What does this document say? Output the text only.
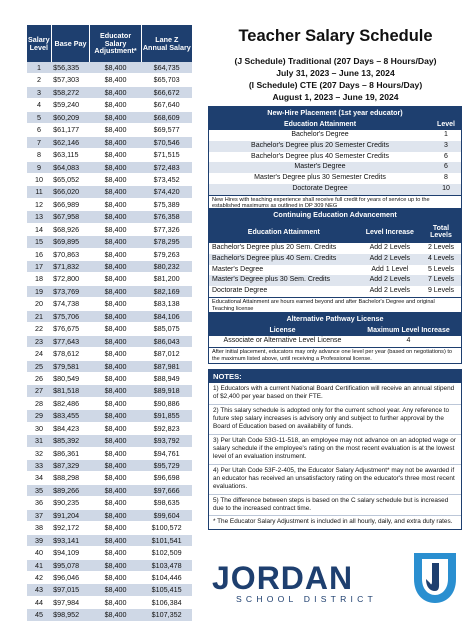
Salary Level	Base Pay	Educator Salary Adjustment*	Lane Z Annual Salary
1	$56,335	$8,400	$64,735
2	$57,303	$8,400	$65,703
3	$58,272	$8,400	$66,672
4	$59,240	$8,400	$67,640
5	$60,209	$8,400	$68,609
6	$61,177	$8,400	$69,577
7	$62,146	$8,400	$70,546
8	$63,115	$8,400	$71,515
9	$64,083	$8,400	$72,483
10	$65,052	$8,400	$73,452
11	$66,020	$8,400	$74,420
12	$66,989	$8,400	$75,389
13	$67,958	$8,400	$76,358
14	$68,926	$8,400	$77,326
15	$69,895	$8,400	$78,295
16	$70,863	$8,400	$79,263
17	$71,832	$8,400	$80,232
18	$72,800	$8,400	$81,200
19	$73,769	$8,400	$82,169
20	$74,738	$8,400	$83,138
21	$75,706	$8,400	$84,106
22	$76,675	$8,400	$85,075
23	$77,643	$8,400	$86,043
24	$78,612	$8,400	$87,012
25	$79,581	$8,400	$87,981
26	$80,549	$8,400	$88,949
27	$81,518	$8,400	$89,918
28	$82,486	$8,400	$90,886
29	$83,455	$8,400	$91,855
30	$84,423	$8,400	$92,823
31	$85,392	$8,400	$93,792
32	$86,361	$8,400	$94,761
33	$87,329	$8,400	$95,729
34	$88,298	$8,400	$96,698
35	$89,266	$8,400	$97,666
36	$90,235	$8,400	$98,635
37	$91,204	$8,400	$99,604
38	$92,172	$8,400	$100,572
39	$93,141	$8,400	$101,541
40	$94,109	$8,400	$102,509
41	$95,078	$8,400	$103,478
42	$96,046	$8,400	$104,446
43	$97,015	$8,400	$105,415
44	$97,984	$8,400	$106,384
45	$98,952	$8,400	$107,352
Teacher Salary Schedule
(J Schedule) Traditional (207 Days – 8 Hours/Day)
July 31, 2023 – June 13, 2024
(I Schedule) CTE (207 Days – 8 Hours/Day)
August 1, 2023 – June 19, 2024
New-Hire Placement (1st year educator)
Education Attainment	Level
Bachelor's Degree	1
Bachelor's Degree plus 20 Semester Credits	3
Bachelor's Degree plus 40 Semester Credits	6
Master's Degree	6
Master's Degree plus 30 Semester Credits	8
Doctorate Degree	10
New Hires with teaching experience shall receive full credit for years of service up to the established maximums as outlined in DP 309 NEG
Continuing Education Advancement
Education Attainment	Level Increase	Total Levels
Bachelor's Degree plus 20 Sem. Credits	Add 2 Levels	2 Levels
Bachelor's Degree plus 40 Sem. Credits	Add 2 Levels	4 Levels
Master's Degree	Add 1 Level	5 Levels
Master's Degree plus 30 Sem. Credits	Add 2 Levels	7 Levels
Doctorate Degree	Add 2 Levels	9 Levels
Educational Attainment are hours earned beyond and after Bachelor's Degree and original Teaching license
Alternative Pathway License
License	Maximum Level Increase
Associate or Alternative Level License	4
After initial placement, educators may only advance one level per year (based on negotiations) to the maximum listed above, until receiving a Professional license.
NOTES:
1) Educators with a current National Board Certification will receive an annual stipend of $2,400 per year based on their FTE.
2) This salary schedule is adopted only for the current school year. Any reference to future step salary increases is advisory only and subject to further approval by the Board of Education based on availability of funds.
3) Per Utah Code 53G-11-518, an employee may not advance on an adopted wage or salary schedule if the employee's rating on the most recent evaluation is at the lowest level of an evaluation instrument.
4) Per Utah Code 53F-2-405, the Educator Salary Adjustment* may not be awarded if an educator has received an unsatisfactory rating on the educator's three most recent evaluations.
5) The difference between steps is based on the C salary schedule but is increased due to the increased contract time.
* The Educator Salary Adjustment is included in all hourly, daily, and extra duty rates.
JORDAN
SCHOOL DISTRICT
